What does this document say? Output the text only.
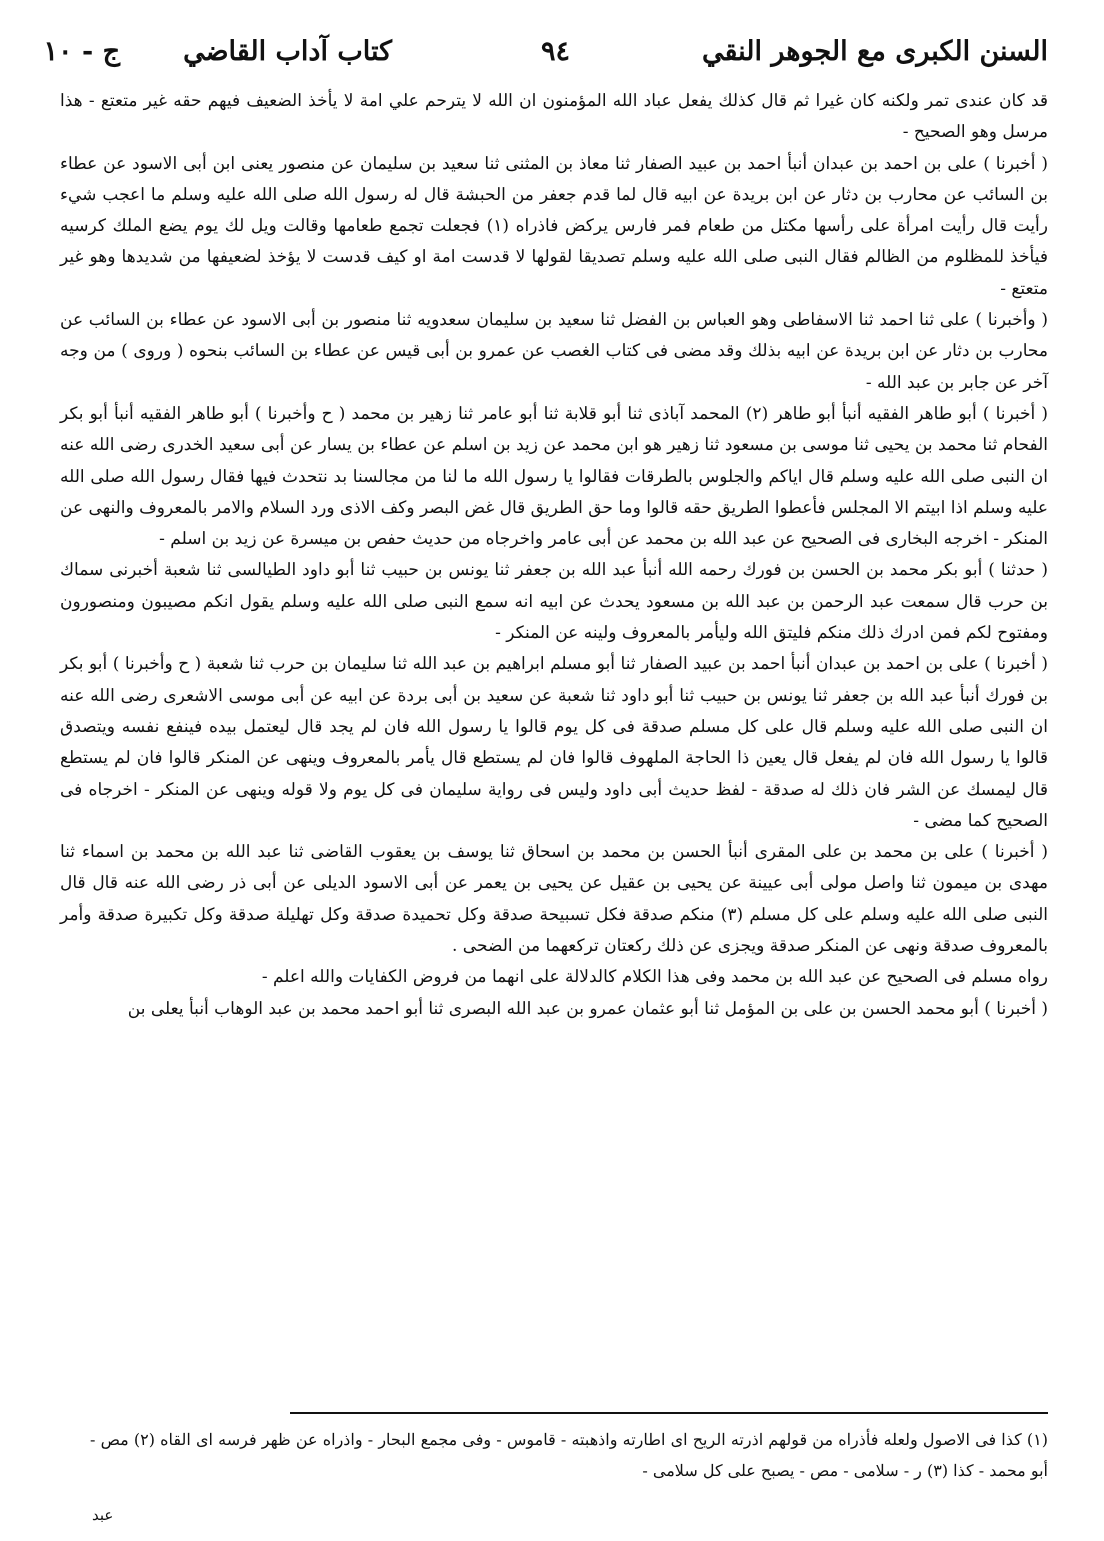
السنن الكبرى مع الجوهر النقي
٩٤
كتاب آداب القاضي
ج - ١٠

قد كان عندى تمر ولكنه كان غيرا ثم قال كذلك يفعل عباد الله المؤمنون ان الله لا يترحم علي امة لا يأخذ الضعيف فيهم حقه غير متعتع - هذا مرسل وهو الصحيح -

( أخبرنا ) على بن احمد بن عبدان أنبأ احمد بن عبيد الصفار ثنا معاذ بن المثنى ثنا سعيد بن سليمان عن منصور يعنى ابن أبى الاسود عن عطاء بن السائب عن محارب بن دثار عن ابن بريدة عن ابيه قال لما قدم جعفر من الحبشة قال له رسول الله صلى الله عليه وسلم ما اعجب شيء رأيت قال رأيت امرأة على رأسها مكتل من طعام فمر فارس يركض فاذراه (١) فجعلت تجمع طعامها وقالت ويل لك يوم يضع الملك كرسيه فيأخذ للمظلوم من الظالم فقال النبى صلى الله عليه وسلم تصديقا لقولها لا قدست امة او كيف قدست لا يؤخذ لضعيفها من شديدها وهو غير متعتع -

( وأخبرنا ) على ثنا احمد ثنا الاسفاطى وهو العباس بن الفضل ثنا سعيد بن سليمان سعدويه ثنا منصور بن أبى الاسود عن عطاء بن السائب عن محارب بن دثار عن ابن بريدة عن ابيه بذلك وقد مضى فى كتاب الغصب عن عمرو بن أبى قيس عن عطاء بن السائب بنحوه ( وروى ) من وجه آخر عن جابر بن عبد الله -

( أخبرنا ) أبو طاهر الفقيه أنبأ أبو طاهر (٢) المحمد آباذى ثنا أبو قلابة ثنا أبو عامر ثنا زهير بن محمد ( ح وأخبرنا ) أبو طاهر الفقيه أنبأ أبو بكر الفحام ثنا محمد بن يحيى ثنا موسى بن مسعود ثنا زهير هو ابن محمد عن زيد بن اسلم عن عطاء بن يسار عن أبى سعيد الخدرى رضى الله عنه ان النبى صلى الله عليه وسلم قال اياكم والجلوس بالطرقات فقالوا يا رسول الله ما لنا من مجالسنا بد نتحدث فيها فقال رسول الله صلى الله عليه وسلم اذا ابيتم الا المجلس فأعطوا الطريق حقه قالوا وما حق الطريق قال غض البصر وكف الاذى ورد السلام والامر بالمعروف والنهى عن المنكر - اخرجه البخارى فى الصحيح عن عبد الله بن محمد عن أبى عامر واخرجاه من حديث حفص بن ميسرة عن زيد بن اسلم -

( حدثنا ) أبو بكر محمد بن الحسن بن فورك رحمه الله أنبأ عبد الله بن جعفر ثنا يونس بن حبيب ثنا أبو داود الطيالسى ثنا شعبة أخبرنى سماك بن حرب قال سمعت عبد الرحمن بن عبد الله بن مسعود يحدث عن ابيه انه سمع النبى صلى الله عليه وسلم يقول انكم مصيبون ومنصورون ومفتوح لكم فمن ادرك ذلك منكم فليتق الله وليأمر بالمعروف ولينه عن المنكر -

( أخبرنا ) على بن احمد بن عبدان أنبأ احمد بن عبيد الصفار ثنا أبو مسلم ابراهيم بن عبد الله ثنا سليمان بن حرب ثنا شعبة ( ح وأخبرنا ) أبو بكر بن فورك أنبأ عبد الله بن جعفر ثنا يونس بن حبيب ثنا أبو داود ثنا شعبة عن سعيد بن أبى بردة عن ابيه عن أبى موسى الاشعرى رضى الله عنه ان النبى صلى الله عليه وسلم قال على كل مسلم صدقة فى كل يوم قالوا يا رسول الله فان لم يجد قال ليعتمل بيده فينفع نفسه ويتصدق قالوا يا رسول الله فان لم يفعل قال يعين ذا الحاجة الملهوف قالوا فان لم يستطع قال يأمر بالمعروف وينهى عن المنكر قالوا فان لم يستطع قال ليمسك عن الشر فان ذلك له صدقة - لفظ حديث أبى داود وليس فى رواية سليمان فى كل يوم ولا قوله وينهى عن المنكر - اخرجاه فى الصحيح كما مضى -

( أخبرنا ) على بن محمد بن على المقرى أنبأ الحسن بن محمد بن اسحاق ثنا يوسف بن يعقوب القاضى ثنا عبد الله بن محمد بن اسماء ثنا مهدى بن ميمون ثنا واصل مولى أبى عيينة عن يحيى بن عقيل عن يحيى بن يعمر عن أبى الاسود الديلى عن أبى ذر رضى الله عنه قال قال النبى صلى الله عليه وسلم على كل مسلم (٣) منكم صدقة فكل تسبيحة صدقة وكل تحميدة صدقة وكل تهليلة صدقة وكل تكبيرة صدقة وأمر بالمعروف صدقة ونهى عن المنكر صدقة ويجزى عن ذلك ركعتان تركعهما من الضحى .

رواه مسلم فى الصحيح عن عبد الله بن محمد وفى هذا الكلام كالدلالة على انهما من فروض الكفايات والله اعلم -

( أخبرنا ) أبو محمد الحسن بن على بن المؤمل ثنا أبو عثمان عمرو بن عبد الله البصرى ثنا أبو احمد محمد بن عبد الوهاب أنبأ يعلى بن

(١) كذا فى الاصول ولعله فأذراه من قولهم اذرته الريح اى اطارته واذهبته - قاموس - وفى مجمع البحار - واذراه عن ظهر فرسه اى القاه (٢) مص - أبو محمد - كذا (٣) ر - سلامى - مص - يصبح على كل سلامى -

عبد
